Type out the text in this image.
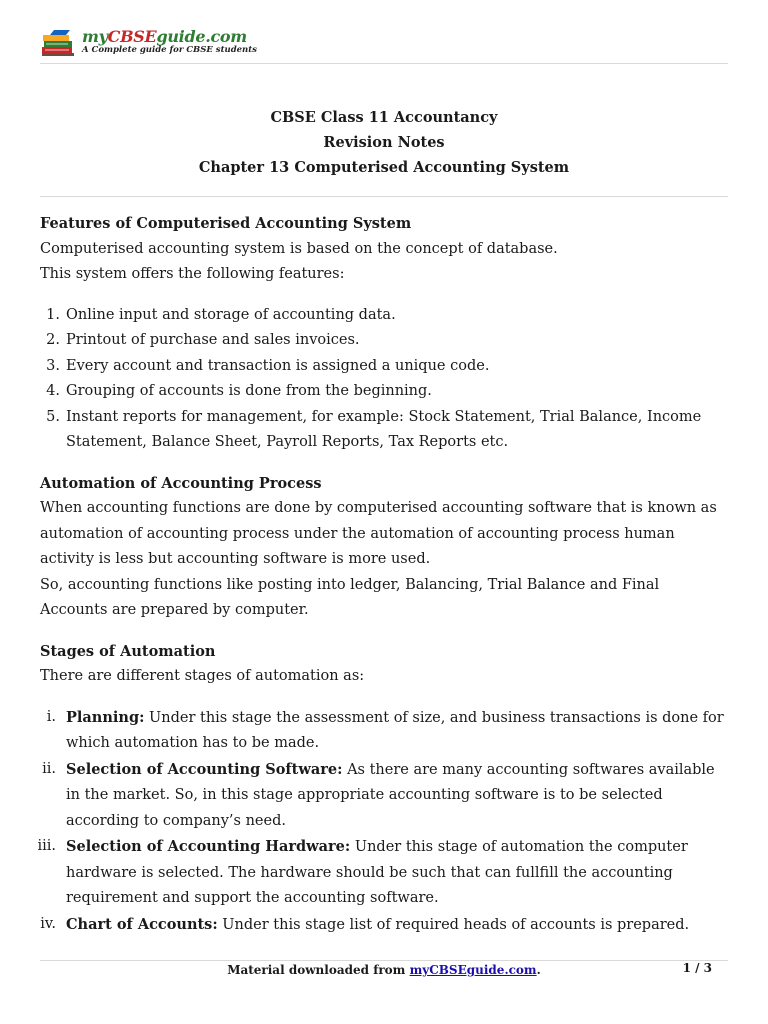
myCBSEguide.com
A Complete guide for CBSE students
CBSE Class 11 Accountancy
Revision Notes
Chapter 13 Computerised Accounting System

Features of Computerised Accounting System

Computerised accounting system is based on the concept of database.

This system offers the following features:

1. Online input and storage of accounting data.
2. Printout of purchase and sales invoices.
3. Every account and transaction is assigned a unique code.
4. Grouping of accounts is done from the beginning.
5. Instant reports for management, for example: Stock Statement, Trial Balance, Income Statement, Balance Sheet, Payroll Reports, Tax Reports etc.

Automation of Accounting Process

When accounting functions are done by computerised accounting software that is known as automation of accounting process under the automation of accounting process human activity is less but accounting software is more used.

So, accounting functions like posting into ledger, Balancing, Trial Balance and Final Accounts are prepared by computer.

Stages of Automation

There are different stages of automation as:

i. Planning: Under this stage the assessment of size, and business transactions is done for which automation has to be made.
ii. Selection of Accounting Software: As there are many accounting softwares available in the market. So, in this stage appropriate accounting software is to be selected according to company’s need.
iii. Selection of Accounting Hardware: Under this stage of automation the computer hardware is selected. The hardware should be such that can fullfill the accounting requirement and support the accounting software.
iv. Chart of Accounts: Under this stage list of required heads of accounts is prepared.
Material downloaded from myCBSEguide.com.	1 / 3
